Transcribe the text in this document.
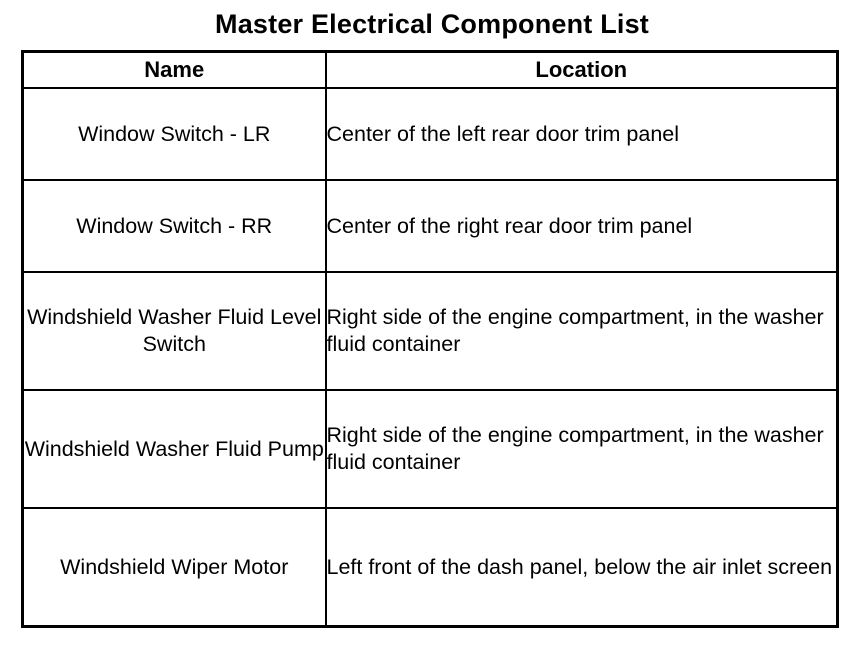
Master Electrical Component List
Name	Location
Window Switch - LR	Center of the left rear door trim panel
Window Switch - RR	Center of the right rear door trim panel
Windshield Washer Fluid Level Switch	Right side of the engine compartment, in the washer fluid container
Windshield Washer Fluid Pump	Right side of the engine compartment, in the washer fluid container
Windshield Wiper Motor	Left front of the dash panel, below the air inlet screen
